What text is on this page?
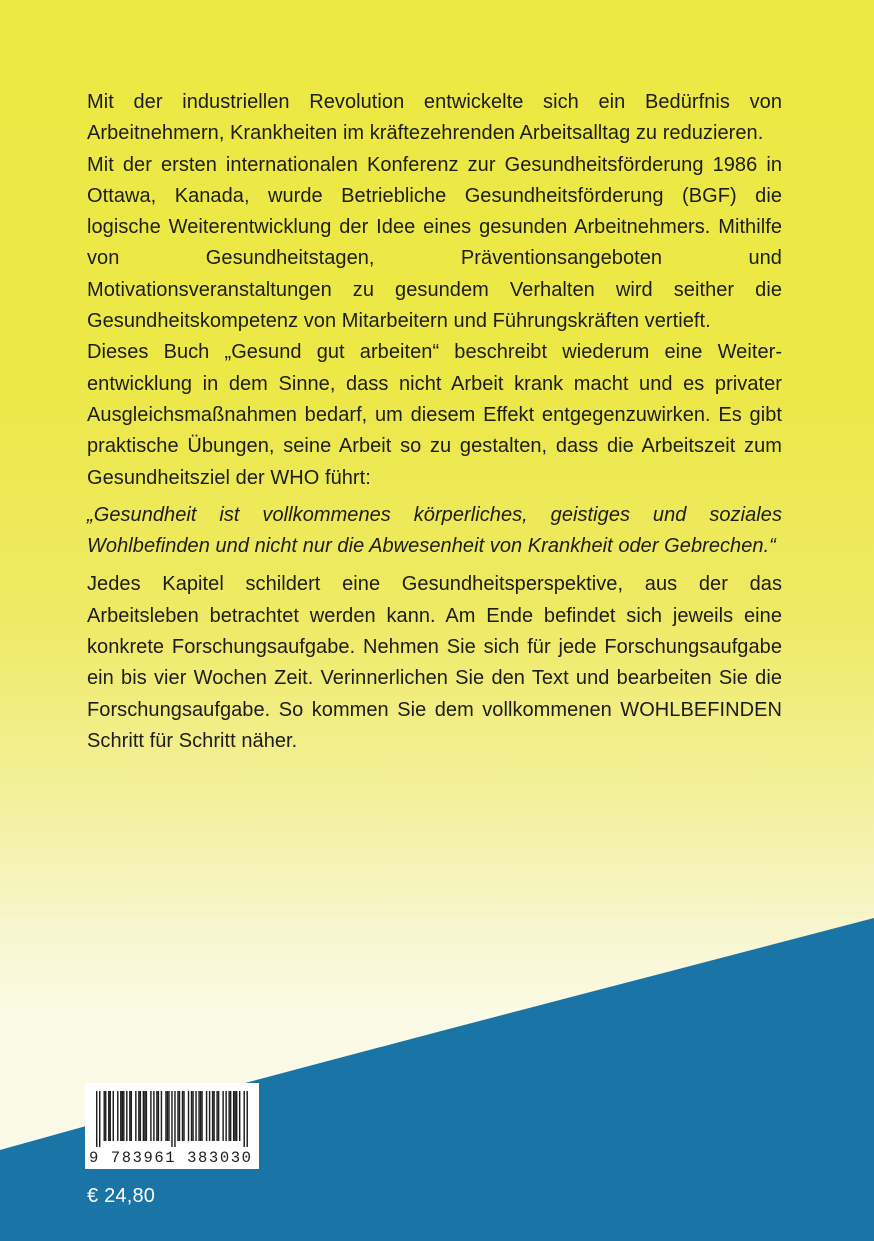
Mit der industriellen Revolution entwickelte sich ein Bedürfnis von Arbeitnehmern, Krankheiten im kräftezehrenden Arbeitsalltag zu reduzieren.

Mit der ersten internationalen Konferenz zur Gesundheitsförderung 1986 in Ottawa, Kanada, wurde Betriebliche Gesundheitsförderung (BGF) die logische Weiterentwicklung der Idee eines gesunden Arbeitnehmers. Mithilfe von Gesundheitstagen, Präventionsangeboten und Motivationsveranstaltungen zu gesundem Verhalten wird seither die Gesundheitskompetenz von Mitarbeitern und Führungskräften vertieft.

Dieses Buch „Gesund gut arbeiten“ beschreibt wiederum eine Weiterentwicklung in dem Sinne, dass nicht Arbeit krank macht und es privater Ausgleichsmaßnahmen bedarf, um diesem Effekt entgegenzuwirken. Es gibt praktische Übungen, seine Arbeit so zu gestalten, dass die Arbeitszeit zum Gesundheitsziel der WHO führt:

„Gesundheit ist vollkommenes körperliches, geistiges und soziales Wohlbefinden und nicht nur die Abwesenheit von Krankheit oder Gebrechen.“

Jedes Kapitel schildert eine Gesundheitsperspektive, aus der das Arbeitsleben betrachtet werden kann. Am Ende befindet sich jeweils eine konkrete Forschungsaufgabe. Nehmen Sie sich für jede Forschungsaufgabe ein bis vier Wochen Zeit. Verinnerlichen Sie den Text und bearbeiten Sie die Forschungsaufgabe. So kommen Sie dem vollkommenen WOHLBEFINDEN Schritt für Schritt näher.

9 783961 383030
€ 24,80
